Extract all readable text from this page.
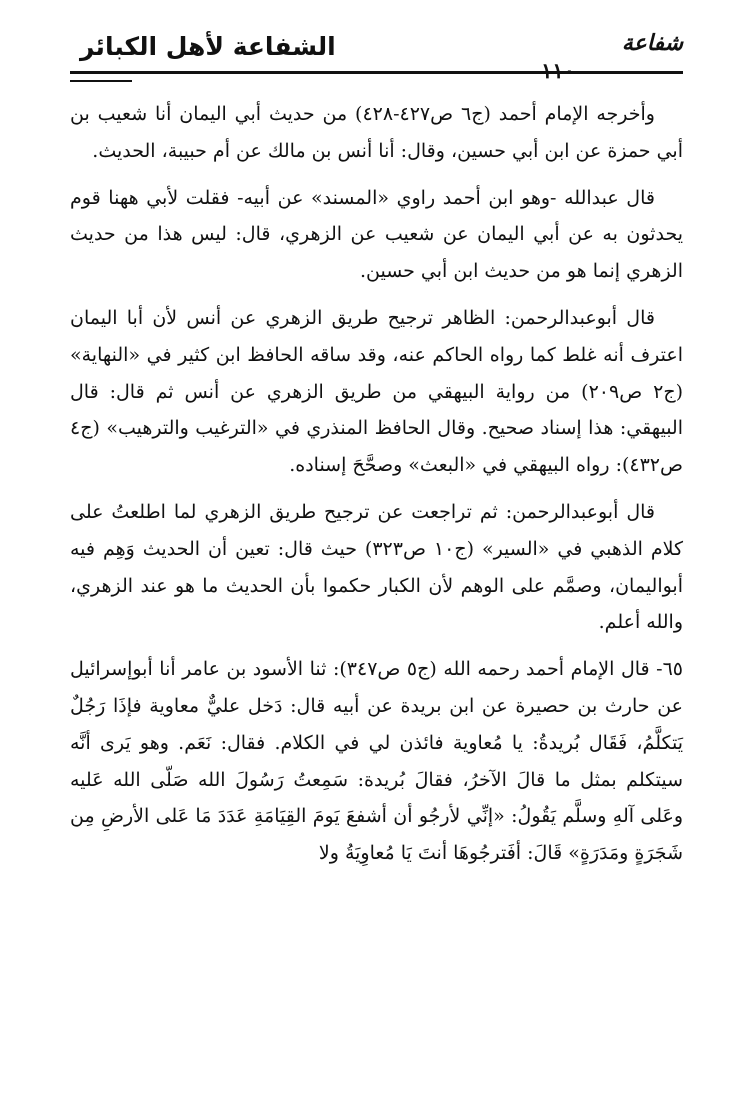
شفاعة
١١٠
الشفاعة لأهل الكبائر

وأخرجه الإمام أحمد (ج٦ ص٤٢٧-٤٢٨) من حديث أبي اليمان أنا شعيب بن أبي حمزة عن ابن أبي حسين، وقال: أنا أنس بن مالك عن أم حبيبة، الحديث.

قال عبدالله -وهو ابن أحمد راوي «المسند» عن أبيه- فقلت لأبي ههنا قوم يحدثون به عن أبي اليمان عن شعيب عن الزهري، قال: ليس هذا من حديث الزهري إنما هو من حديث ابن أبي حسين.

قال أبوعبدالرحمن: الظاهر ترجيح طريق الزهري عن أنس لأن أبا اليمان اعترف أنه غلط كما رواه الحاكم عنه، وقد ساقه الحافظ ابن كثير في «النهاية» (ج٢ ص٢٠٩) من رواية البيهقي من طريق الزهري عن أنس ثم قال: قال البيهقي: هذا إسناد صحيح. وقال الحافظ المنذري في «الترغيب والترهيب» (ج٤ ص٤٣٢): رواه البيهقي في «البعث» وصحَّحَ إسناده.

قال أبوعبدالرحمن: ثم تراجعت عن ترجيح طريق الزهري لما اطلعتُ على كلام الذهبي في «السير» (ج١٠ ص٣٢٣) حيث قال: تعين أن الحديث وَهِم فيه أبواليمان، وصمَّم على الوهم لأن الكبار حكموا بأن الحديث ما هو عند الزهري، والله أعلم.

٦٥- قال الإمام أحمد رحمه الله (ج٥ ص٣٤٧): ثنا الأسود بن عامر أنا أبوإسرائيل عن حارث بن حصيرة عن ابن بريدة عن أبيه قال: دَخل عليٌّ معاوية فإذَا رَجُلٌ يَتكلَّمُ، فَقَال بُريدةُ: يا مُعاوية فائذن لي في الكلام. فقال: نَعَم. وهو يَرى أنَّه سيتكلم بمثل ما قالَ الآخرُ، فقالَ بُريدة: سَمِعتُ رَسُولَ الله صَلّى الله عَليه وعَلى آلهِ وسلَّم يَقُولُ: «إنِّي لأرجُو أن أشفعَ يَومَ القِيَامَةِ عَدَدَ مَا عَلى الأرضِ مِن شَجَرَةٍ ومَدَرَةٍ» قَالَ: أفَترجُوهَا أنتَ يَا مُعاوِيَةُ ولا
